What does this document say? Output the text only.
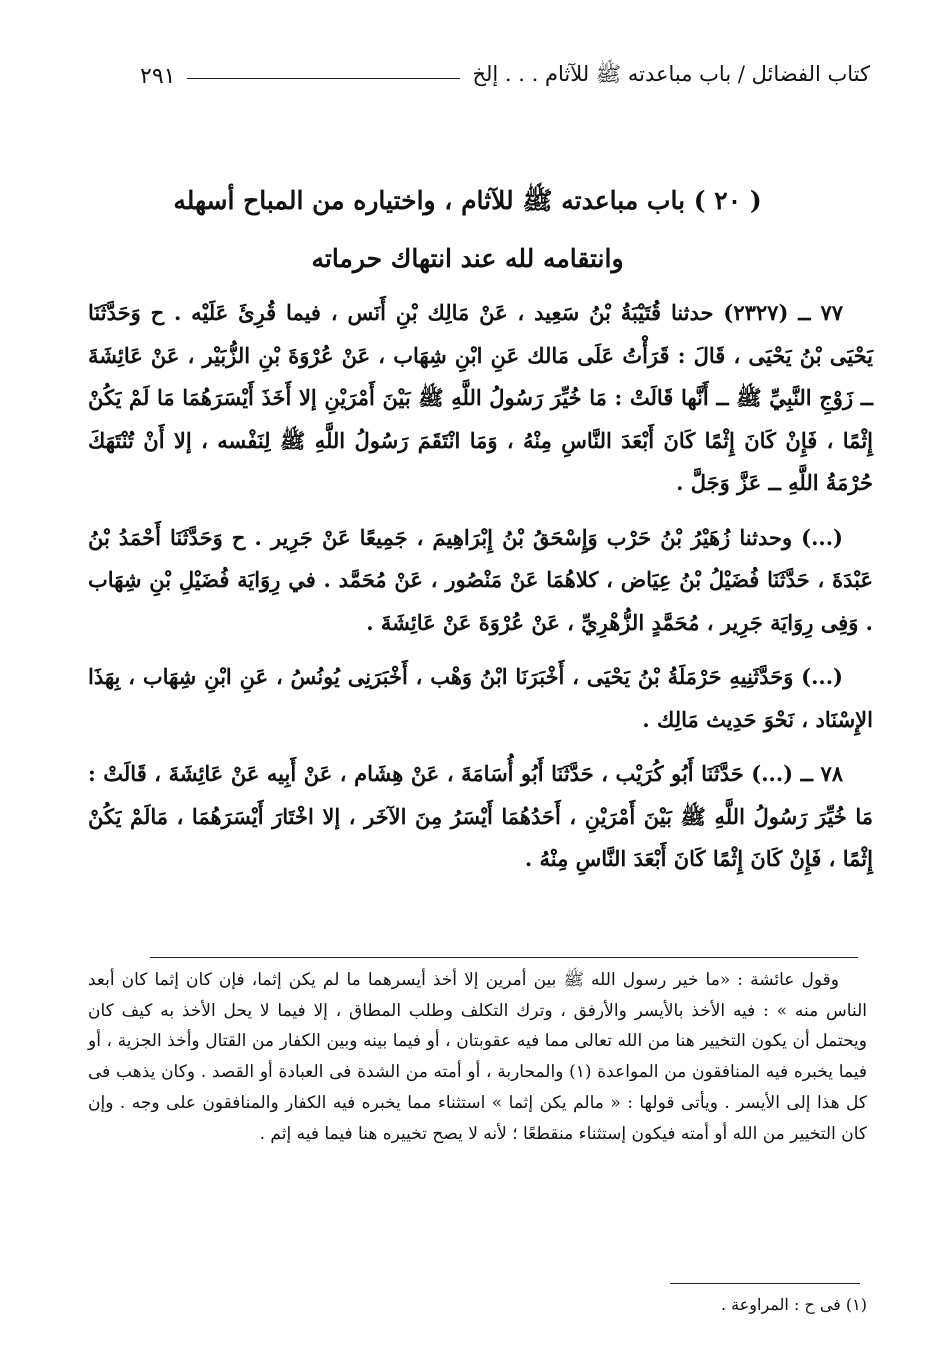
كتاب الفضائل / باب مباعدته ﷺ للآثام . . . إلخ
٢٩١
( ٢٠ ) باب مباعدته ﷺ للآثام ، واختياره من المباح أسهله
وانتقامه لله عند انتهاك حرماته

٧٧ ــ (٢٣٢٧) حدثنا قُتَيْبَةُ بْنُ سَعِيد ، عَنْ مَالِك بْنِ أَنَس ، فيما قُرِئَ عَلَيْه . ح وَحَدَّثَنَا يَحْيَى بْنُ يَحْيَى ، قَالَ : قَرَأْتُ عَلَى مَالك عَنِ ابْنِ شِهَاب ، عَنْ عُرْوَةَ بْنِ الزُّبَيْر ، عَنْ عَائِشَةَ ــ زَوْجِ النَّبِيِّ ﷺ ــ أَنَّها قَالَتْ : مَا خُيِّرَ رَسُولُ اللَّهِ ﷺ بَيْنَ أَمْرَيْنِ إلا أَخَذَ أَيْسَرَهُمَا مَا لَمْ يَكُنْ إِثْمًا ، فَإِنْ كَانَ إِثْمًا كَانَ أَبْعَدَ النَّاسِ مِنْهُ ، وَمَا انْتَقَمَ رَسُولُ اللَّهِ ﷺ لِنَفْسه ، إلا أَنْ تُنْتَهَكَ حُرْمَةُ اللَّهِ ــ عَزَّ وَجَلَّ .

(...) وحدثنا زُهَيْرُ بْنُ حَرْب وَإِسْحَقُ بْنُ إِبْرَاهِيمَ ، جَمِيعًا عَنْ جَرِير . ح وَحَدَّثَنَا أَحْمَدُ بْنُ عَبْدَةَ ، حَدَّثَنَا فُضَيْلُ بْنُ عِيَاض ، كلاهُمَا عَنْ مَنْصُور ، عَنْ مُحَمَّد . في رِوَايَة فُضَيْلِ بْنِ شِهَاب . وَفِى رِوَايَة جَرِير ، مُحَمَّدٍ الزُّهْرِيِّ ، عَنْ عُرْوَةَ عَنْ عَائِشَةَ .

(...) وَحَدَّثَنِيهِ حَرْمَلَةُ بْنُ يَحْيَى ، أَخْبَرَنَا ابْنُ وَهْب ، أَخْبَرَنِى يُونُسُ ، عَنِ ابْنِ شِهَاب ، بِهَذَا الإِسْنَاد ، نَحْوَ حَدِيث مَالِك .

٧٨ ــ (...) حَدَّثَنَا أَبُو كُرَيْب ، حَدَّثَنَا أَبُو أُسَامَةَ ، عَنْ هِشَام ، عَنْ أَبِيه عَنْ عَائِشَةَ ، قَالَتْ : مَا خُيِّرَ رَسُولُ اللَّهِ ﷺ بَيْنَ أَمْرَيْنِ ، أَحَدُهُمَا أَيْسَرُ مِنَ الآخَر ، إلا اخْتَارَ أَيْسَرَهُمَا ، مَالَمْ يَكُنْ إِثْمًا ، فَإِنْ كَانَ إِثْمًا كَانَ أَبْعَدَ النَّاسِ مِنْهُ .

وقول عائشة : «ما خير رسول الله ﷺ بين أمرين إلا أخذ أيسرهما ما لم يكن إثما، فإن كان إثما كان أبعد الناس منه » : فيه الأخذ بالأيسر والأرفق ، وترك التكلف وطلب المطاق ، إلا فيما لا يحل الأخذ به كيف كان ويحتمل أن يكون التخيير هنا من الله تعالى مما فيه عقوبتان ، أو فيما بينه وبين الكفار من القتال وأخذ الجزية ، أو فيما يخبره فيه المنافقون من المواعدة (١) والمحاربة ، أو أمته من الشدة فى العبادة أو القصد . وكان يذهب فى كل هذا إلى الأيسر . ويأتى قولها : « مالم يكن إثما » استثناء مما يخبره فيه الكفار والمنافقون على وجه . وإن كان التخيير من الله أو أمته فيكون إستثناء منقطعًا ؛ لأنه لا يصح تخييره هنا فيما فيه إثم .

(١) فى ح : المراوعة .
